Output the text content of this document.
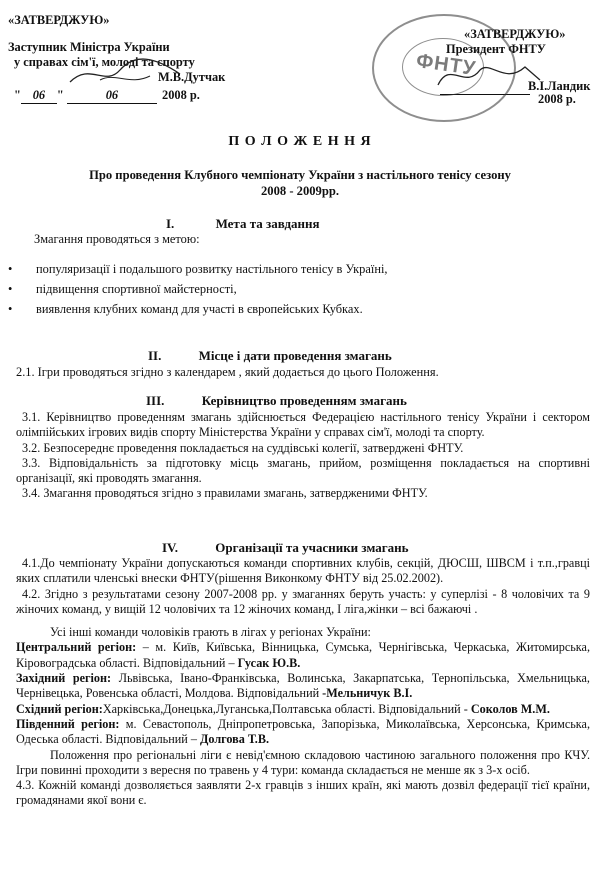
«ЗАТВЕРДЖУЮ»
Заступник Міністра України
у справах сім'ї, молоді та спорту
М.В.Дутчак
" 06 "	06	2008 р.
«ЗАТВЕРДЖУЮ»
Президент ФНТУ
В.І.Ландик
2008 р.
ФНТУ
П О Л О Ж Е Н Н Я
Про проведення Клубного чемпіонату України з настільного тенісу сезону
2008 - 2009рр.
I.	Мета та завдання
Змагання проводяться з метою:
• популяризації і подальшого розвитку настільного тенісу в Україні,
• підвищення спортивної майстерності,
• виявлення клубних команд для участі в європейських Кубках.
II.	Місце і дати проведення змагань
2.1. Ігри проводяться згідно з календарем , який додається до цього Положення.
III.	Керівництво проведенням змагань

3.1. Керівництво проведенням змагань здійснюється Федерацією настільного тенісу України і сектором олімпійських ігрових видів спорту Міністерства України у справах сім'ї, молоді та спорту.

3.2. Безпосереднє проведення покладається на суддівські колегії, затверджені ФНТУ.

3.3. Відповідальність за підготовку місць змагань, прийом, розміщення покладається на спортивні організації, які проводять змагання.

3.4. Змагання проводяться згідно з правилами змагань, затвердженими ФНТУ.

IV.	Організації та учасники змагань

4.1.До чемпіонату України допускаються команди спортивних клубів, секцій, ДЮСШ, ШВСМ і т.п.,гравці яких сплатили членські внески ФНТУ(рішення Виконкому ФНТУ від 25.02.2002).

4.2. Згідно з результатами сезону 2007-2008 рр. у змаганнях беруть участь: у суперлізі - 8 чоловічих та 9 жіночих команд, у вищій 12 чоловічих та 12 жіночих команд, І ліга,жінки – всі бажаючі .

Усі інші команди чоловіків грають в лігах у регіонах України:

Центральний регіон: – м. Київ, Київська, Вінницька, Сумська, Чернігівська, Черкаська, Житомирська, Кіровоградська області. Відповідальний – Гусак Ю.В.

Західний регіон: Львівська, Івано-Франківська, Волинська, Закарпатська, Тернопільська, Хмельницька, Чернівецька, Ровенська області, Молдова. Відповідальний -Мельничук В.І.

Східний регіон:Харківська,Донецька,Луганська,Полтавська області. Відповідальний - Соколов М.М.

Південний регіон: м. Севастополь, Дніпропетровська, Запорізька, Миколаївська, Херсонська, Кримська, Одеська області. Відповідальний – Долгова Т.В.

Положення про регіональні ліги є невід'ємною складовою частиною загального положення про КЧУ. Ігри повинні проходити з вересня по травень у 4 тури: команда складається не менше як з 3-х осіб.

4.3. Кожній команді дозволяється заявляти 2-х гравців з інших країн, які мають дозвіл федерації тієї країни, громадянами якої вони є.
